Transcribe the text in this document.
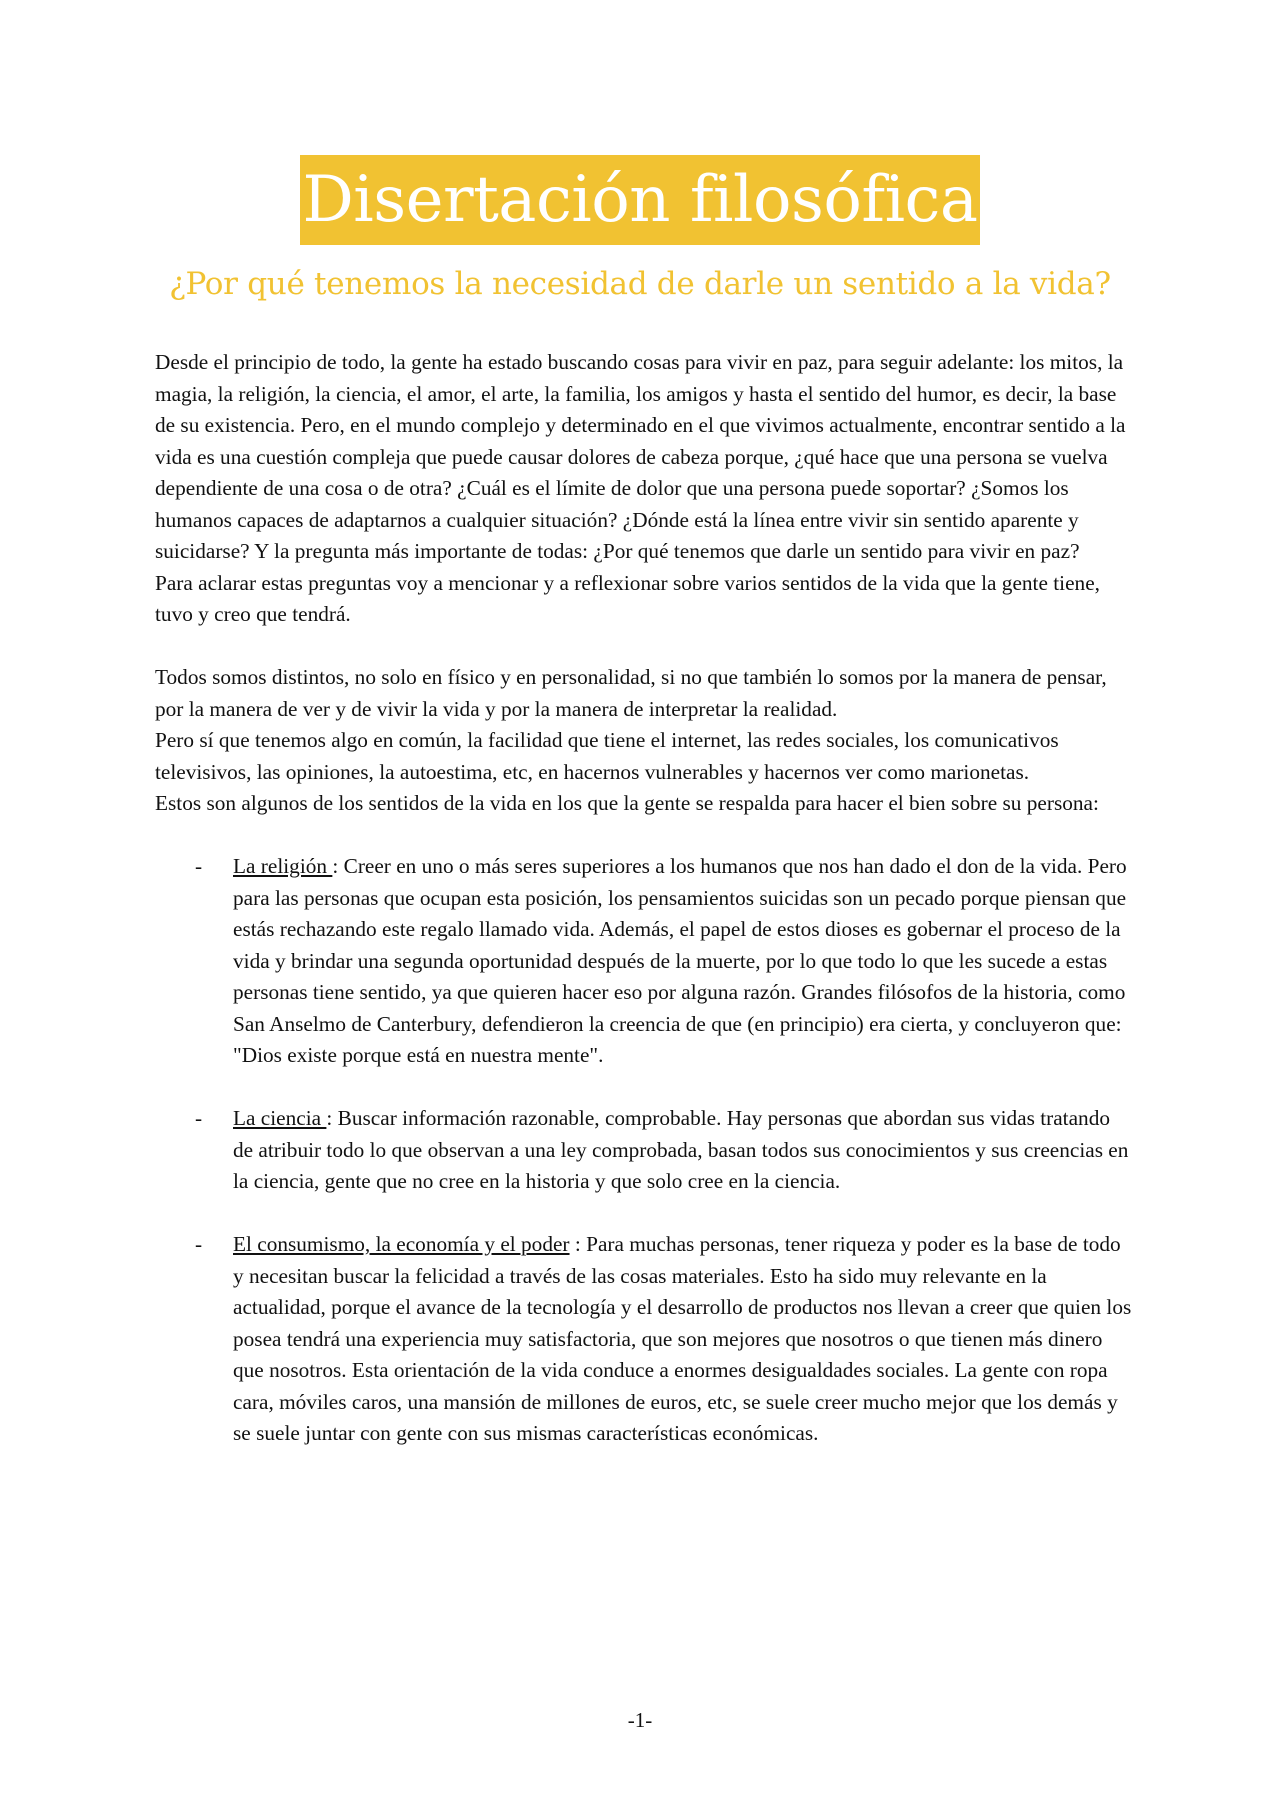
Disertación filosófica
¿Por qué tenemos la necesidad de darle un sentido a la vida?

Desde el principio de todo, la gente ha estado buscando cosas para vivir en paz, para seguir adelante: los mitos, la magia, la religión, la ciencia, el amor, el arte, la familia, los amigos y hasta el sentido del humor, es decir, la base de su existencia. Pero, en el mundo complejo y determinado en el que vivimos actualmente, encontrar sentido a la vida es una cuestión compleja que puede causar dolores de cabeza porque, ¿qué hace que una persona se vuelva dependiente de una cosa o de otra? ¿Cuál es el límite de dolor que una persona puede soportar? ¿Somos los humanos capaces de adaptarnos a cualquier situación? ¿Dónde está la línea entre vivir sin sentido aparente y suicidarse? Y la pregunta más importante de todas: ¿Por qué tenemos que darle un sentido para vivir en paz?

Para aclarar estas preguntas voy a mencionar y a reflexionar sobre varios sentidos de la vida que la gente tiene, tuvo y creo que tendrá.

Todos somos distintos, no solo en físico y en personalidad, si no que también lo somos por la manera de pensar, por la manera de ver y de vivir la vida y por la manera de interpretar la realidad.

Pero sí que tenemos algo en común, la facilidad que tiene el internet, las redes sociales, los comunicativos televisivos, las opiniones, la autoestima, etc, en hacernos vulnerables y hacernos ver como marionetas.

Estos son algunos de los sentidos de la vida en los que la gente se respalda para hacer el bien sobre su persona:

- La religión : Creer en uno o más seres superiores a los humanos que nos han dado el don de la vida. Pero para las personas que ocupan esta posición, los pensamientos suicidas son un pecado porque piensan que estás rechazando este regalo llamado vida. Además, el papel de estos dioses es gobernar el proceso de la vida y brindar una segunda oportunidad después de la muerte, por lo que todo lo que les sucede a estas personas tiene sentido, ya que quieren hacer eso por alguna razón. Grandes filósofos de la historia, como San Anselmo de Canterbury, defendieron la creencia de que (en principio) era cierta, y concluyeron que: "Dios existe porque está en nuestra mente".
- La ciencia : Buscar información razonable, comprobable. Hay personas que abordan sus vidas tratando de atribuir todo lo que observan a una ley comprobada, basan todos sus conocimientos y sus creencias en la ciencia, gente que no cree en la historia y que solo cree en la ciencia.
- El consumismo, la economía y el poder : Para muchas personas, tener riqueza y poder es la base de todo y necesitan buscar la felicidad a través de las cosas materiales. Esto ha sido muy relevante en la actualidad, porque el avance de la tecnología y el desarrollo de productos nos llevan a creer que quien los posea tendrá una experiencia muy satisfactoria, que son mejores que nosotros o que tienen más dinero que nosotros. Esta orientación de la vida conduce a enormes desigualdades sociales. La gente con ropa cara, móviles caros, una mansión de millones de euros, etc, se suele creer mucho mejor que los demás y se suele juntar con gente con sus mismas características económicas.
-1-
